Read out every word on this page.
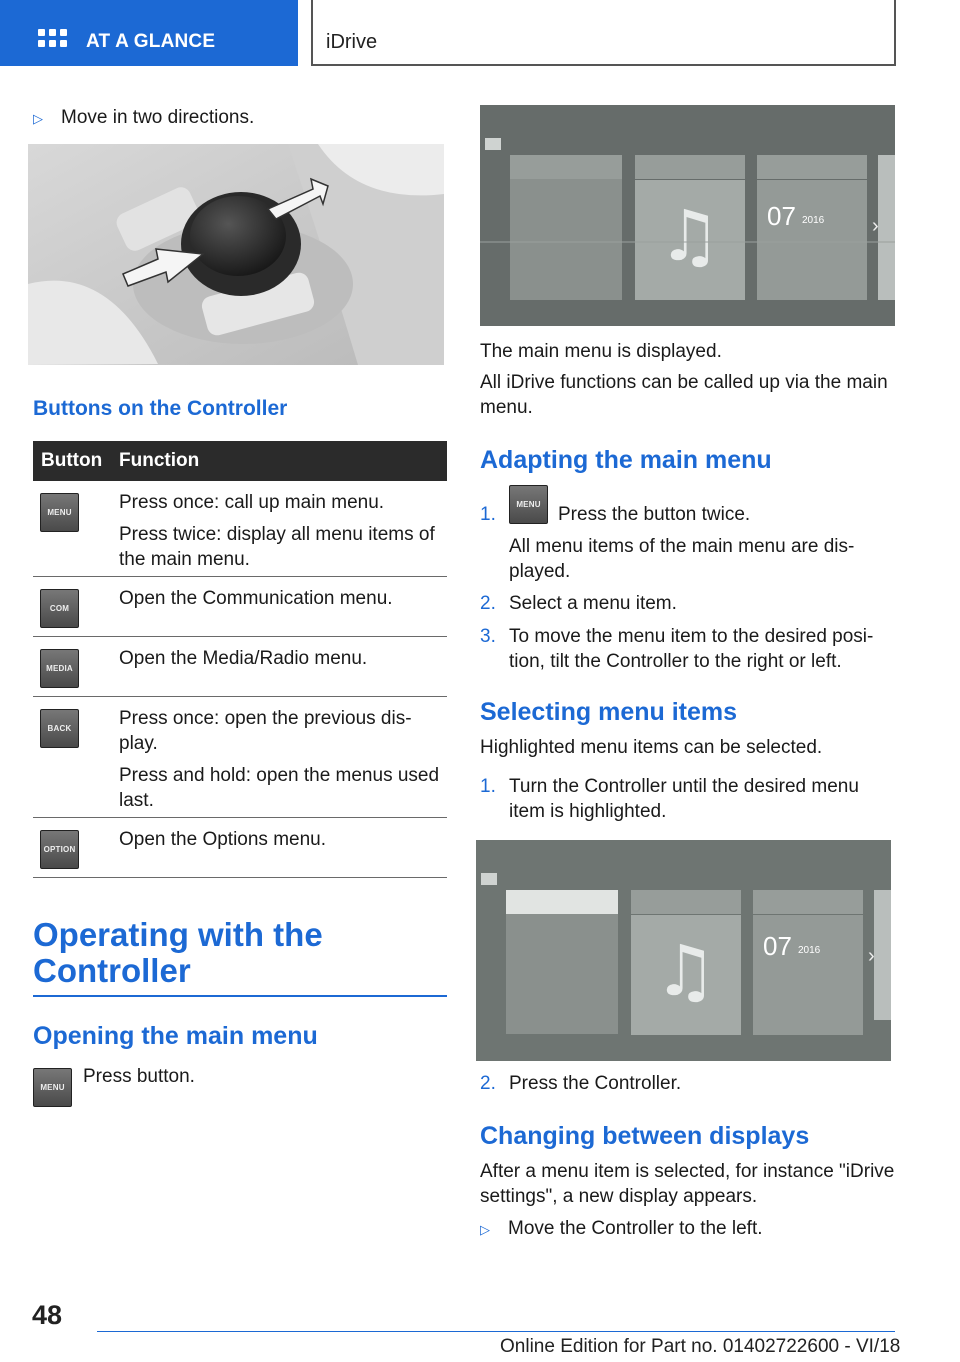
AT A GLANCE	iDrive
▷ Move in two directions.
Buttons on the Controller
Button Function
MENU	Press once: call up main menu.

Press twice: display all menu items of the main menu.

COM	Open the Communication menu.

MEDIA	Open the Media/Radio menu.

BACK	Press once: open the previous dis-play.

Press and hold: open the menus used last.

OPTION Open the Options menu.

Operating with the Controller
Opening the main menu
MENU
Press button.
♫ 07 2016 ›
The main menu is displayed.
All iDrive functions can be called up via the main menu.
Adapting the main menu
1.	MENU Press the button twice.
All menu items of the main menu are dis-played.
2. Select a menu item.
3. To move the menu item to the desired posi-tion, tilt the Controller to the right or left.
Selecting menu items
Highlighted menu items can be selected.
1. Turn the Controller until the desired menu item is highlighted.
♫ 07 2016 ›
2. Press the Controller.
Changing between displays
After a menu item is selected, for instance "iDrive settings", a new display appears.
▷ Move the Controller to the left.
48
Online Edition for Part no. 01402722600 - VI/18
